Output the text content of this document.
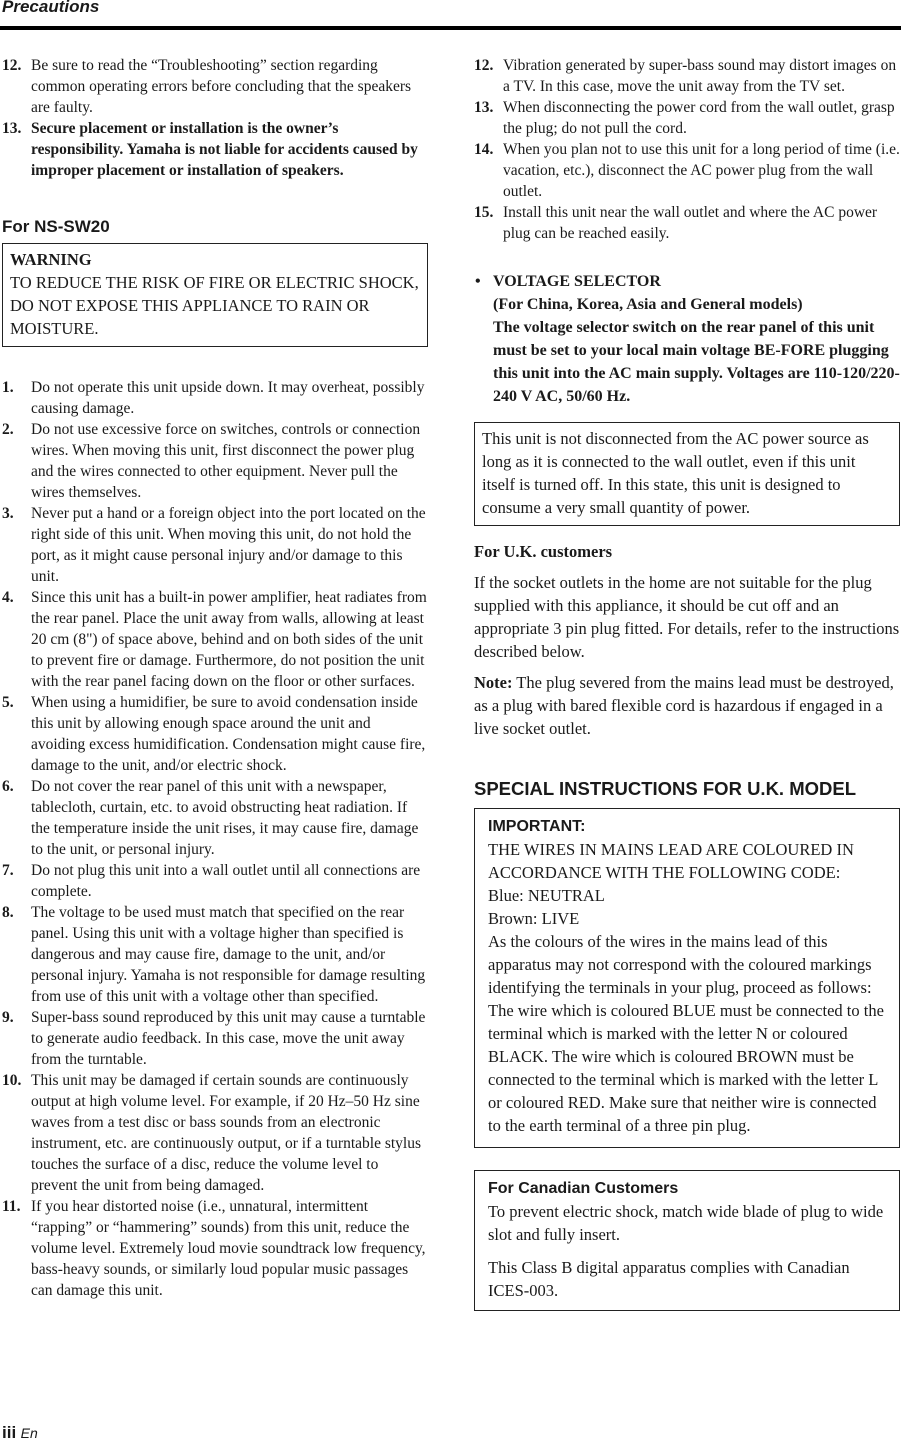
Precautions
12. Be sure to read the “Troubleshooting” section regarding common operating errors before concluding that the speakers are faulty.
13. Secure placement or installation is the owner’s responsibility. Yamaha is not liable for accidents caused by improper placement or installation of speakers.
For NS-SW20
WARNING
TO REDUCE THE RISK OF FIRE OR ELECTRIC SHOCK, DO NOT EXPOSE THIS APPLIANCE TO RAIN OR MOISTURE.
1. Do not operate this unit upside down. It may overheat, possibly causing damage.
2. Do not use excessive force on switches, controls or connection wires. When moving this unit, first disconnect the power plug and the wires connected to other equipment. Never pull the wires themselves.
3. Never put a hand or a foreign object into the port located on the right side of this unit. When moving this unit, do not hold the port, as it might cause personal injury and/or damage to this unit.
4. Since this unit has a built-in power amplifier, heat radiates from the rear panel. Place the unit away from walls, allowing at least 20 cm (8") of space above, behind and on both sides of the unit to prevent fire or damage. Furthermore, do not position the unit with the rear panel facing down on the floor or other surfaces.
5. When using a humidifier, be sure to avoid condensation inside this unit by allowing enough space around the unit and avoiding excess humidification. Condensation might cause fire, damage to the unit, and/or electric shock.
6. Do not cover the rear panel of this unit with a newspaper, tablecloth, curtain, etc. to avoid obstructing heat radiation. If the temperature inside the unit rises, it may cause fire, damage to the unit, or personal injury.
7. Do not plug this unit into a wall outlet until all connections are complete.
8. The voltage to be used must match that specified on the rear panel. Using this unit with a voltage higher than specified is dangerous and may cause fire, damage to the unit, and/or personal injury. Yamaha is not responsible for damage resulting from use of this unit with a voltage other than specified.
9. Super-bass sound reproduced by this unit may cause a turntable to generate audio feedback. In this case, move the unit away from the turntable.
10. This unit may be damaged if certain sounds are continuously output at high volume level. For example, if 20 Hz–50 Hz sine waves from a test disc or bass sounds from an electronic instrument, etc. are continuously output, or if a turntable stylus touches the surface of a disc, reduce the volume level to prevent the unit from being damaged.
11. If you hear distorted noise (i.e., unnatural, intermittent “rapping” or “hammering” sounds) from this unit, reduce the volume level. Extremely loud movie soundtrack low frequency, bass-heavy sounds, or similarly loud popular music passages can damage this unit.
12. Vibration generated by super-bass sound may distort images on a TV. In this case, move the unit away from the TV set.
13. When disconnecting the power cord from the wall outlet, grasp the plug; do not pull the cord.
14. When you plan not to use this unit for a long period of time (i.e. vacation, etc.), disconnect the AC power plug from the wall outlet.
15. Install this unit near the wall outlet and where the AC power plug can be reached easily.
• VOLTAGE SELECTOR
(For China, Korea, Asia and General models)
The voltage selector switch on the rear panel of this unit must be set to your local main voltage BE-FORE plugging this unit into the AC main supply. Voltages are 110-120/220-240 V AC, 50/60 Hz.
This unit is not disconnected from the AC power source as long as it is connected to the wall outlet, even if this unit itself is turned off. In this state, this unit is designed to consume a very small quantity of power.

For U.K. customers

If the socket outlets in the home are not suitable for the plug supplied with this appliance, it should be cut off and an appropriate 3 pin plug fitted. For details, refer to the instructions described below.

Note: The plug severed from the mains lead must be destroyed, as a plug with bared flexible cord is hazardous if engaged in a live socket outlet.

SPECIAL INSTRUCTIONS FOR U.K. MODEL
IMPORTANT:
THE WIRES IN MAINS LEAD ARE COLOURED IN ACCORDANCE WITH THE FOLLOWING CODE:
Blue: NEUTRAL
Brown: LIVE
As the colours of the wires in the mains lead of this apparatus may not correspond with the coloured markings identifying the terminals in your plug, proceed as follows: The wire which is coloured BLUE must be connected to the terminal which is marked with the letter N or coloured BLACK. The wire which is coloured BROWN must be connected to the terminal which is marked with the letter L or coloured RED. Make sure that neither wire is connected to the earth terminal of a three pin plug.
For Canadian Customers
To prevent electric shock, match wide blade of plug to wide slot and fully insert.
This Class B digital apparatus complies with Canadian ICES-003.
iii En
